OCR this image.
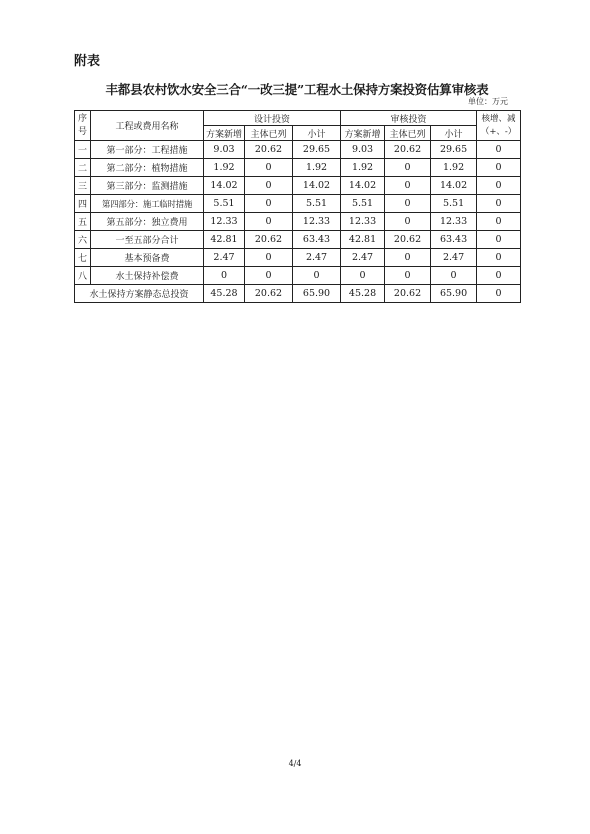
附表
丰都县农村饮水安全三合“一改三提”工程水土保持方案投资估算审核表
单位：万元
序号	工程或费用名称	设计投资			审核投资			核增、减（+、-）
		方案新增	主体已列	小计	方案新增	主体已列	小计	
一	第一部分：工程措施	9.03	20.62	29.65	9.03	20.62	29.65	0
二	第二部分：植物措施	1.92	0	1.92	1.92	0	1.92	0
三	第三部分：监测措施	14.02	0	14.02	14.02	0	14.02	0
四	第四部分：施工临时措施	5.51	0	5.51	5.51	0	5.51	0
五	第五部分：独立费用	12.33	0	12.33	12.33	0	12.33	0
六	一至五部分合计	42.81	20.62	63.43	42.81	20.62	63.43	0
七	基本预备费	2.47	0	2.47	2.47	0	2.47	0
八	水土保持补偿费	0	0	0	0	0	0	0
水土保持方案静态总投资		45.28	20.62	65.90	45.28	20.62	65.90	0
4/4
